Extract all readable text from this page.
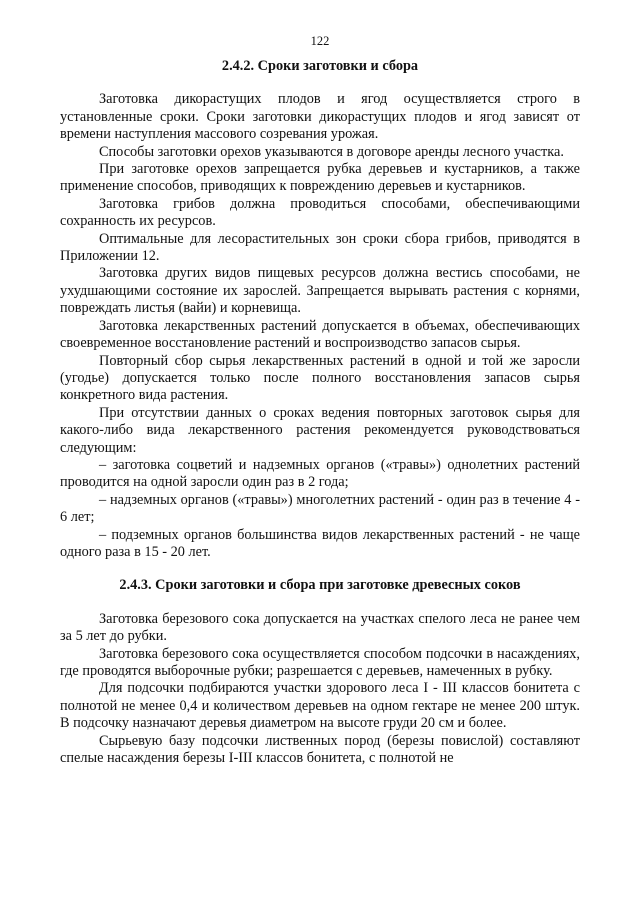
122

2.4.2. Сроки заготовки и сбора

Заготовка дикорастущих плодов и ягод осуществляется строго в установленные сроки. Сроки заготовки дикорастущих плодов и ягод зависят от времени наступления массового созревания урожая.

Способы заготовки орехов указываются в договоре аренды лесного участка.

При заготовке орехов запрещается рубка деревьев и кустарников, а также применение способов, приводящих к повреждению деревьев и кустарников.

Заготовка грибов должна проводиться способами, обеспечивающими сохранность их ресурсов.

Оптимальные для лесорастительных зон сроки сбора грибов, приводятся в Приложении 12.

Заготовка других видов пищевых ресурсов должна вестись способами, не ухудшающими состояние их зарослей. Запрещается вырывать растения с корнями, повреждать листья (вайи) и корневища.

Заготовка лекарственных растений допускается в объемах, обеспечивающих своевременное восстановление растений и воспроизводство запасов сырья.

Повторный сбор сырья лекарственных растений в одной и той же заросли (угодье) допускается только после полного восстановления запасов сырья конкретного вида растения.

При отсутствии данных о сроках ведения повторных заготовок сырья для какого-либо вида лекарственного растения рекомендуется руководствоваться следующим:

– заготовка соцветий и надземных органов («травы») однолетних растений проводится на одной заросли один раз в 2 года;

– надземных органов («травы») многолетних растений - один раз в течение 4 - 6 лет;

– подземных органов большинства видов лекарственных растений - не чаще одного раза в 15 - 20 лет.

2.4.3. Сроки заготовки и сбора при заготовке древесных соков

Заготовка березового сока допускается на участках спелого леса не ранее чем за 5 лет до рубки.

Заготовка березового сока осуществляется способом подсочки в насаждениях, где проводятся выборочные рубки; разрешается с деревьев, намеченных в рубку.

Для подсочки подбираются участки здорового леса I - III классов бонитета с полнотой не менее 0,4 и количеством деревьев на одном гектаре не менее 200 штук. В подсочку назначают деревья диаметром на высоте груди 20 см и более.

Сырьевую базу подсочки лиственных пород (березы повислой) составляют спелые насаждения березы I-III классов бонитета, с полнотой не
